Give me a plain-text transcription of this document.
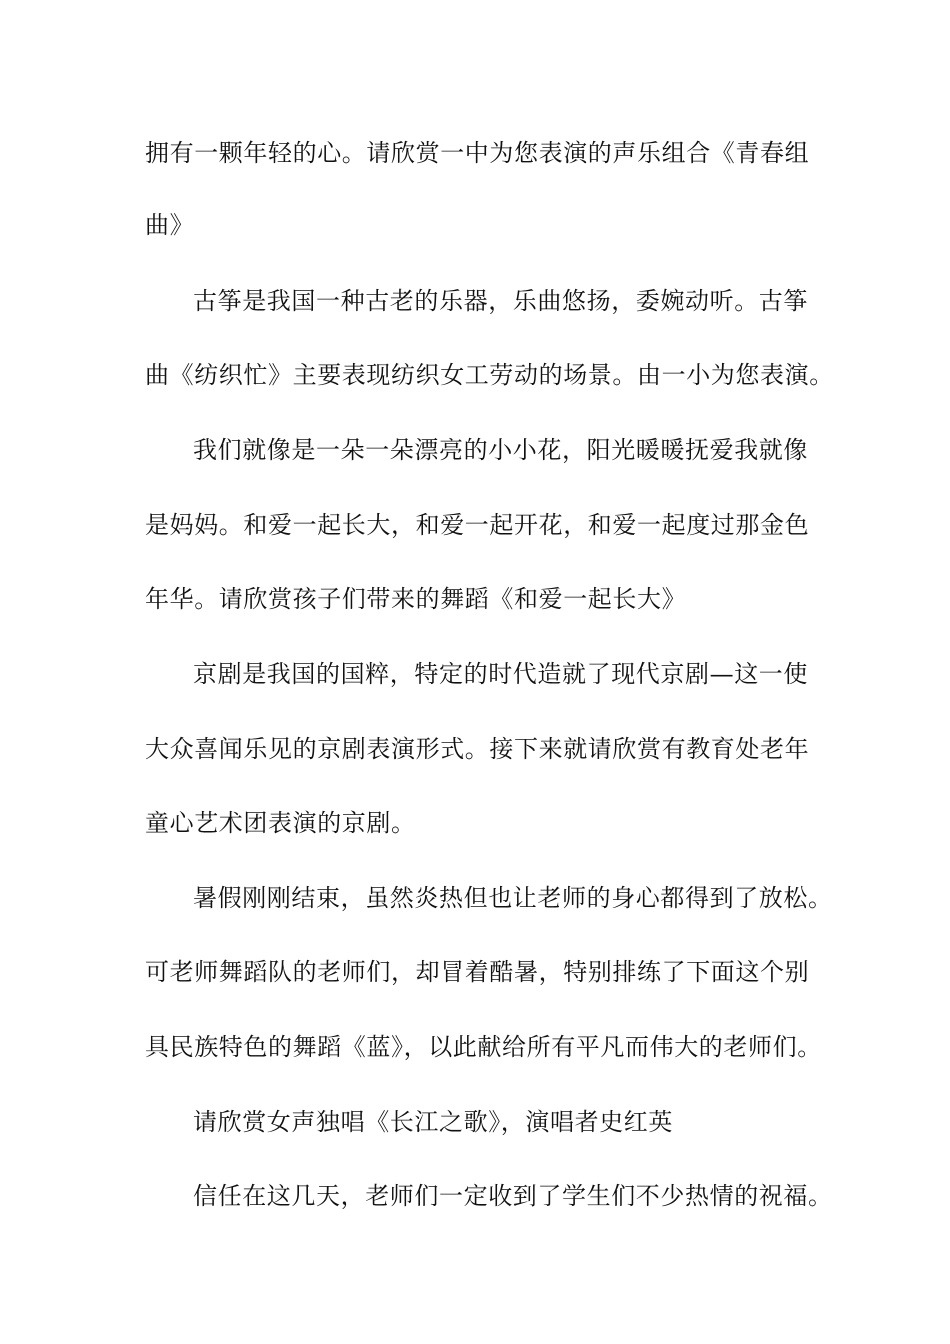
拥有一颗年轻的心。请欣赏一中为您表演的声乐组合《青春组

曲》

古筝是我国一种古老的乐器，乐曲悠扬，委婉动听。古筝

曲《纺织忙》主要表现纺织女工劳动的场景。由一小为您表演。

我们就像是一朵一朵漂亮的小小花，阳光暖暖抚爱我就像

是妈妈。和爱一起长大，和爱一起开花，和爱一起度过那金色

年华。请欣赏孩子们带来的舞蹈《和爱一起长大》

京剧是我国的国粹，特定的时代造就了现代京剧—这一使

大众喜闻乐见的京剧表演形式。接下来就请欣赏有教育处老年

童心艺术团表演的京剧。

暑假刚刚结束，虽然炎热但也让老师的身心都得到了放松。

可老师舞蹈队的老师们，却冒着酷暑，特别排练了下面这个别

具民族特色的舞蹈《蓝》，以此献给所有平凡而伟大的老师们。

请欣赏女声独唱《长江之歌》，演唱者史红英

信任在这几天，老师们一定收到了学生们不少热情的祝福。
